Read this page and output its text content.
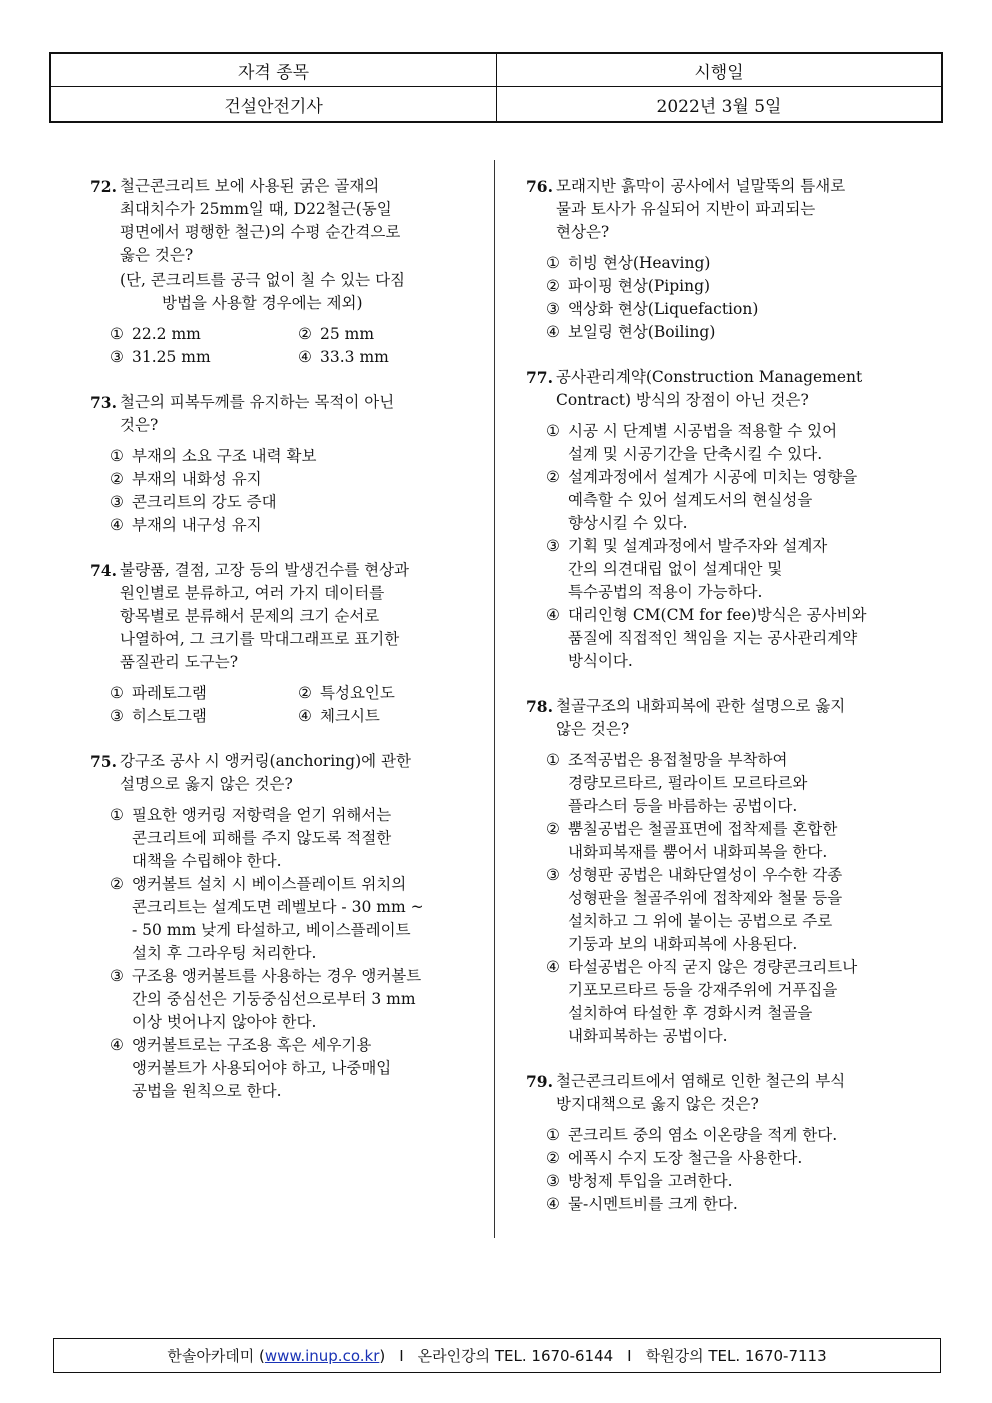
자격 종목	시행일
건설안전기사	2022년 3월 5일
72. 철근콘크리트 보에 사용된 굵은 골재의
최대치수가 25mm일 때, D22철근(동일
평면에서 평행한 철근)의 수평 순간격으로
옳은 것은?
(단, 콘크리트를 공극 없이 칠 수 있는 다짐
방법을 사용할 경우에는 제외)
① 22.2 mm	② 25 mm
③ 31.25 mm	④ 33.3 mm
73. 철근의 피복두께를 유지하는 목적이 아닌
것은?
① 부재의 소요 구조 내력 확보
② 부재의 내화성 유지
③ 콘크리트의 강도 증대
④ 부재의 내구성 유지
74. 불량품, 결점, 고장 등의 발생건수를 현상과
원인별로 분류하고, 여러 가지 데이터를
항목별로 분류해서 문제의 크기 순서로
나열하여, 그 크기를 막대그래프로 표기한
품질관리 도구는?
① 파레토그램	② 특성요인도
③ 히스토그램	④ 체크시트
75. 강구조 공사 시 앵커링(anchoring)에 관한
설명으로 옳지 않은 것은?
① 필요한 앵커링 저항력을 얻기 위해서는
콘크리트에 피해를 주지 않도록 적절한
대책을 수립해야 한다.
② 앵커볼트 설치 시 베이스플레이트 위치의
콘크리트는 설계도면 레벨보다 - 30 mm ~
- 50 mm 낮게 타설하고, 베이스플레이트
설치 후 그라우팅 처리한다.
③ 구조용 앵커볼트를 사용하는 경우 앵커볼트
간의 중심선은 기둥중심선으로부터 3 mm
이상 벗어나지 않아야 한다.
④ 앵커볼트로는 구조용 혹은 세우기용
앵커볼트가 사용되어야 하고, 나중매입
공법을 원칙으로 한다.
76. 모래지반 흙막이 공사에서 널말뚝의 틈새로
물과 토사가 유실되어 지반이 파괴되는
현상은?
① 히빙 현상(Heaving)
② 파이핑 현상(Piping)
③ 액상화 현상(Liquefaction)
④ 보일링 현상(Boiling)
77. 공사관리계약(Construction Management
Contract) 방식의 장점이 아닌 것은?
① 시공 시 단계별 시공법을 적용할 수 있어
설계 및 시공기간을 단축시킬 수 있다.
② 설계과정에서 설계가 시공에 미치는 영향을
예측할 수 있어 설계도서의 현실성을
향상시킬 수 있다.
③ 기획 및 설계과정에서 발주자와 설계자
간의 의견대립 없이 설계대안 및
특수공법의 적용이 가능하다.
④ 대리인형 CM(CM for fee)방식은 공사비와
품질에 직접적인 책임을 지는 공사관리계약
방식이다.
78. 철골구조의 내화피복에 관한 설명으로 옳지
않은 것은?
① 조적공법은 용접철망을 부착하여
경량모르타르, 펄라이트 모르타르와
플라스터 등을 바름하는 공법이다.
② 뿜칠공법은 철골표면에 접착제를 혼합한
내화피복재를 뿜어서 내화피복을 한다.
③ 성형판 공법은 내화단열성이 우수한 각종
성형판을 철골주위에 접착제와 철물 등을
설치하고 그 위에 붙이는 공법으로 주로
기둥과 보의 내화피복에 사용된다.
④ 타설공법은 아직 굳지 않은 경량콘크리트나
기포모르타르 등을 강재주위에 거푸집을
설치하여 타설한 후 경화시켜 철골을
내화피복하는 공법이다.
79. 철근콘크리트에서 염해로 인한 철근의 부식
방지대책으로 옳지 않은 것은?
① 콘크리트 중의 염소 이온량을 적게 한다.
② 에폭시 수지 도장 철근을 사용한다.
③ 방청제 투입을 고려한다.
④ 물-시멘트비를 크게 한다.
한솔아카데미 ( www.inup.co.kr ) I 온라인강의 TEL. 1670-6144 I 학원강의 TEL. 1670-7113
